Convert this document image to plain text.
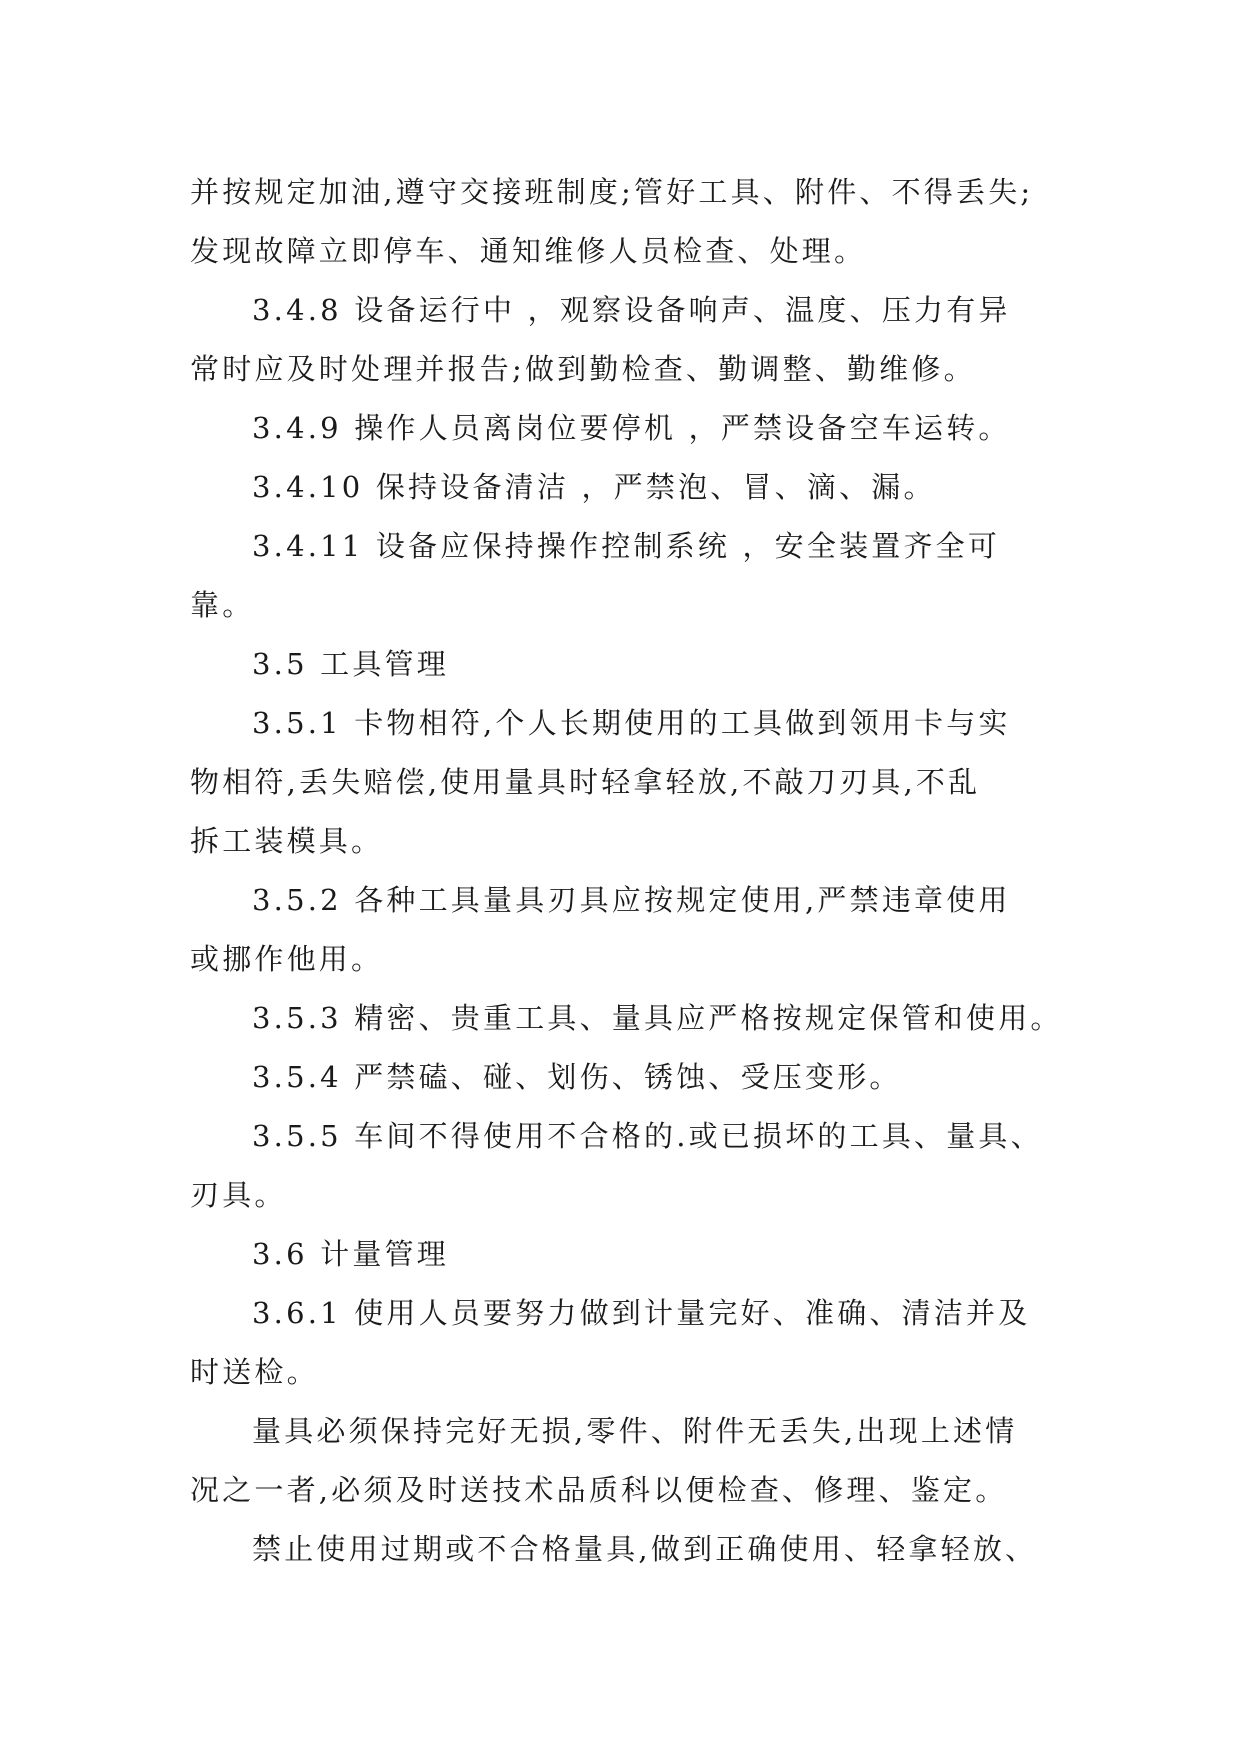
并按规定加油,遵守交接班制度;管好工具、附件、不得丢失;
发现故障立即停车、通知维修人员检查、处理。
3.4.8 设备运行中 ，观察设备响声、温度、压力有异
常时应及时处理并报告;做到勤检查、勤调整、勤维修。
3.4.9 操作人员离岗位要停机 ，严禁设备空车运转。
3.4.10 保持设备清洁 ，严禁泡、冒、滴、漏。
3.4.11 设备应保持操作控制系统 ，安全装置齐全可
靠。
3.5 工具管理
3.5.1 卡物相符,个人长期使用的工具做到领用卡与实
物相符,丢失赔偿,使用量具时轻拿轻放,不敲刀刃具,不乱
拆工装模具。
3.5.2 各种工具量具刃具应按规定使用,严禁违章使用
或挪作他用。
3.5.3 精密、贵重工具、量具应严格按规定保管和使用。
3.5.4 严禁磕、碰、划伤、锈蚀、受压变形。
3.5.5 车间不得使用不合格的.或已损坏的工具、量具、
刃具。
3.6 计量管理
3.6.1 使用人员要努力做到计量完好、准确、清洁并及
时送检。
量具必须保持完好无损,零件、附件无丢失,出现上述情
况之一者,必须及时送技术品质科以便检查、修理、鉴定。
禁止使用过期或不合格量具,做到正确使用、轻拿轻放、
